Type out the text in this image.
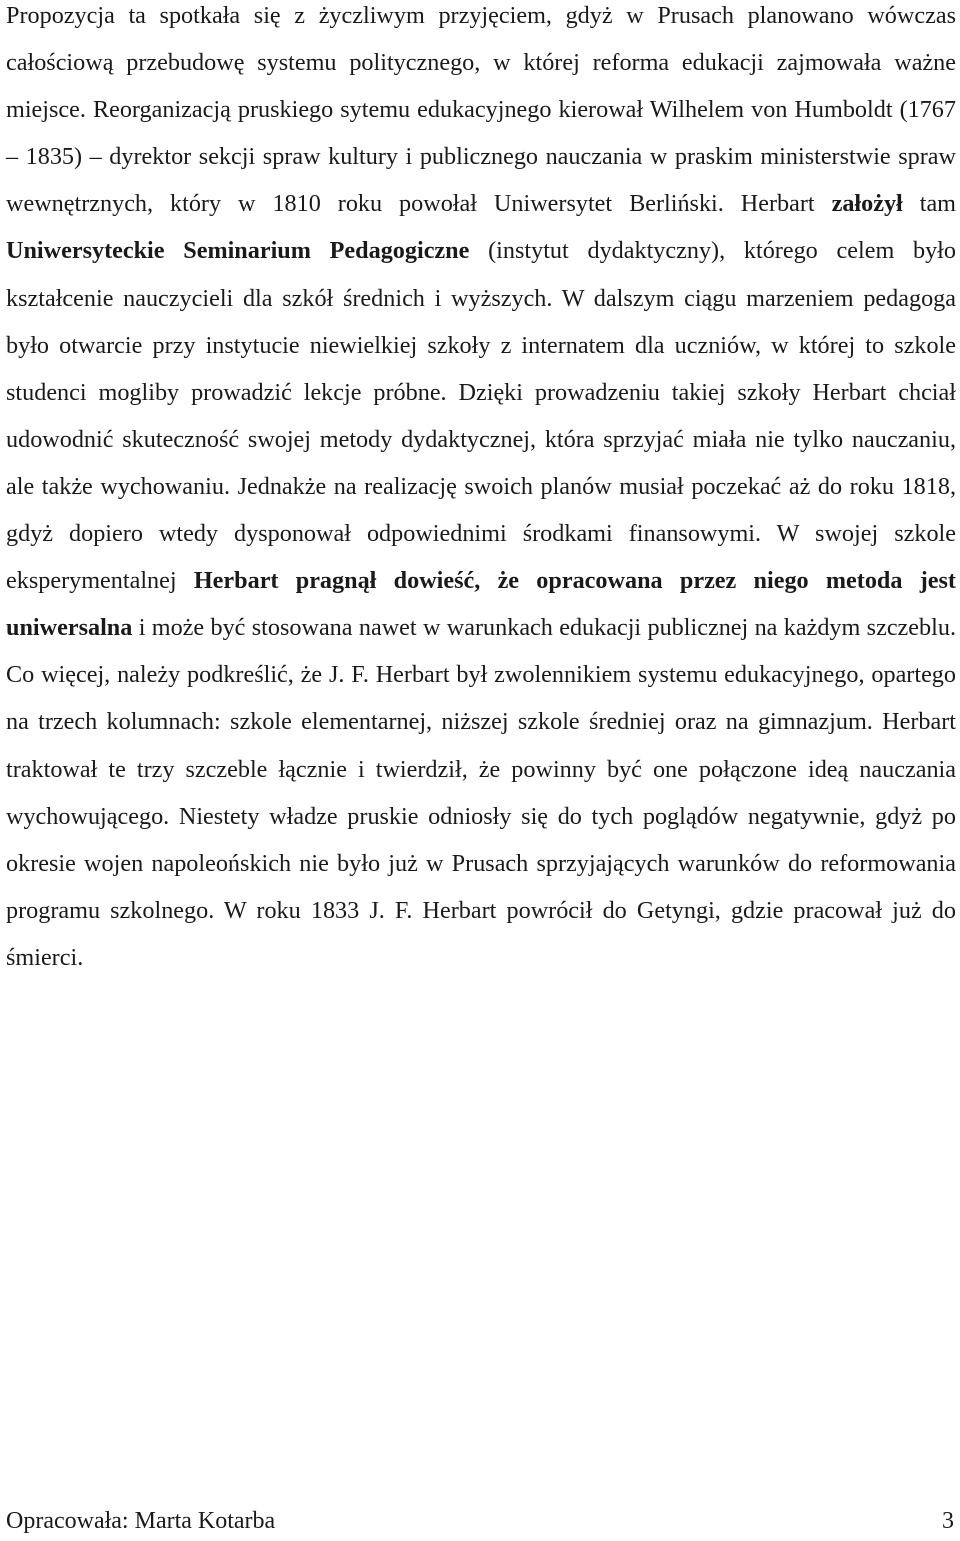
Propozycja ta spotkała się z życzliwym przyjęciem, gdyż w Prusach planowano wówczas całościową przebudowę systemu politycznego, w której reforma edukacji zajmowała ważne miejsce. Reorganizacją pruskiego sytemu edukacyjnego kierował Wilhelem von Humboldt (1767 – 1835) – dyrektor sekcji spraw kultury i publicznego nauczania w praskim ministerstwie spraw wewnętrznych, który w 1810 roku powołał Uniwersytet Berliński. Herbart założył tam Uniwersyteckie Seminarium Pedagogiczne (instytut dydaktyczny), którego celem było kształcenie nauczycieli dla szkół średnich i wyższych. W dalszym ciągu marzeniem pedagoga było otwarcie przy instytucie niewielkiej szkoły z internatem dla uczniów, w której to szkole studenci mogliby prowadzić lekcje próbne. Dzięki prowadzeniu takiej szkoły Herbart chciał udowodnić skuteczność swojej metody dydaktycznej, która sprzyjać miała nie tylko nauczaniu, ale także wychowaniu. Jednakże na realizację swoich planów musiał poczekać aż do roku 1818, gdyż dopiero wtedy dysponował odpowiednimi środkami finansowymi. W swojej szkole eksperymentalnej Herbart pragnął dowieść, że opracowana przez niego metoda jest uniwersalna i może być stosowana nawet w warunkach edukacji publicznej na każdym szczeblu. Co więcej, należy podkreślić, że J. F. Herbart był zwolennikiem systemu edukacyjnego, opartego na trzech kolumnach: szkole elementarnej, niższej szkole średniej oraz na gimnazjum. Herbart traktował te trzy szczeble łącznie i twierdził, że powinny być one połączone ideą nauczania wychowującego. Niestety władze pruskie odniosły się do tych poglądów negatywnie, gdyż po okresie wojen napoleońskich nie było już w Prusach sprzyjających warunków do reformowania programu szkolnego. W roku 1833 J. F. Herbart powrócił do Getyngi, gdzie pracował już do śmierci.

Opracowała: Marta Kotarba	3
